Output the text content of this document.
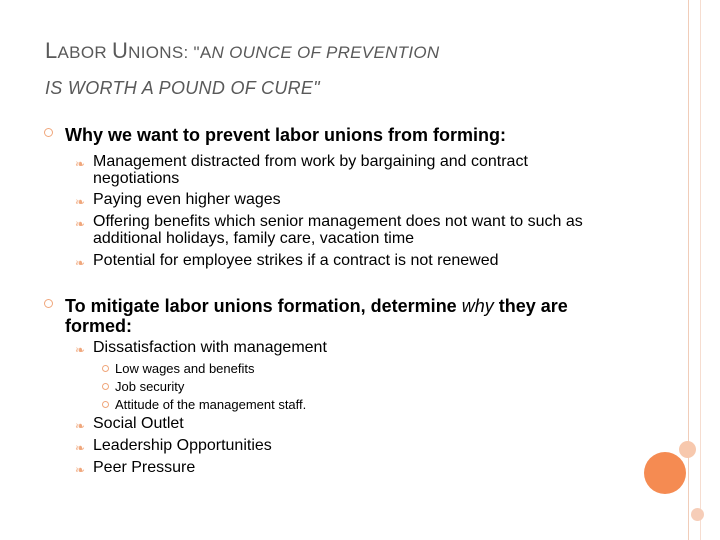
LABOR UNIONS: "AN OUNCE OF PREVENTION
IS WORTH A POUND OF CURE"
Why we want to prevent labor unions from forming:
❧ Management distracted from work by bargaining and contract negotiations
❧ Paying even higher wages
❧ Offering benefits which senior management does not want to such as additional holidays, family care, vacation time
❧ Potential for employee strikes if a contract is not renewed
To mitigate labor unions formation, determine why they are formed:
❧ Dissatisfaction with management
Low wages and benefits
Job security
Attitude of the management staff.
❧ Social Outlet
❧ Leadership Opportunities
❧ Peer Pressure
